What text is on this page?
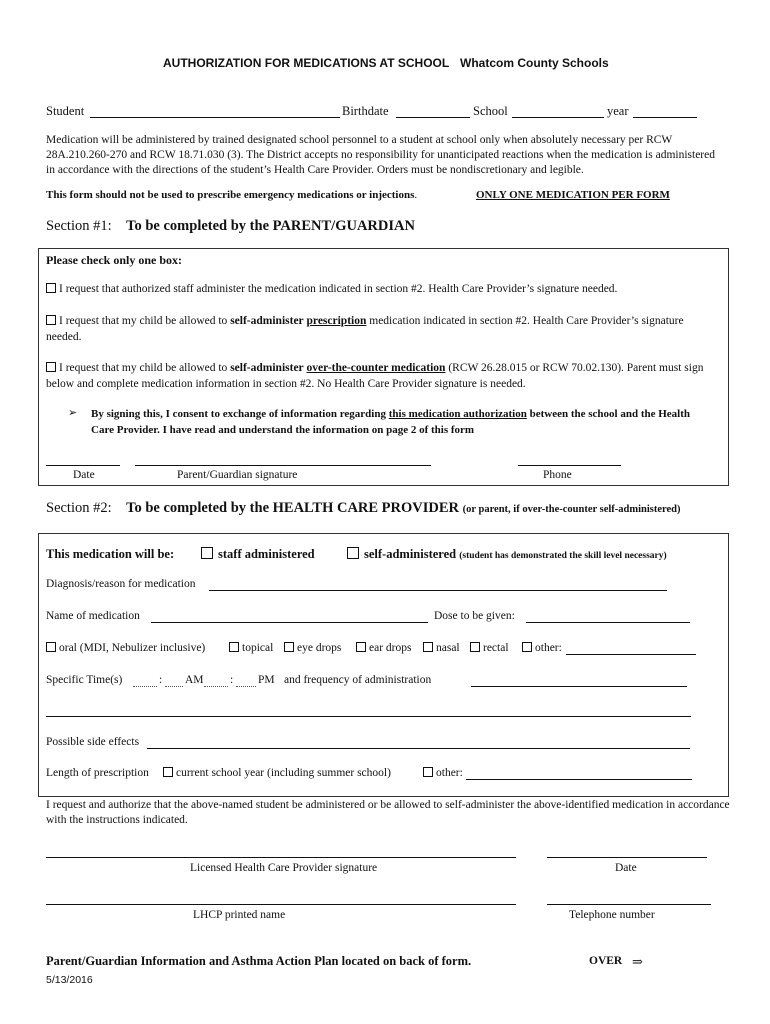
AUTHORIZATION FOR MEDICATIONS AT SCHOOL Whatcom County Schools
Student	Birthdate	School	year
Medication will be administered by trained designated school personnel to a student at school only when absolutely necessary per RCW 28A.210.260-270 and RCW 18.71.030 (3). The District accepts no responsibility for unanticipated reactions when the medication is administered in accordance with the directions of the student’s Health Care Provider. Orders must be nondiscretionary and legible.
This form should not be used to prescribe emergency medications or injections.	ONLY ONE MEDICATION PER FORM
Section #1: To be completed by the PARENT/GUARDIAN
Please check only one box:
I request that authorized staff administer the medication indicated in section #2. Health Care Provider’s signature needed.
I request that my child be allowed to self-administer prescription medication indicated in section #2. Health Care Provider’s signature needed.
I request that my child be allowed to self-administer over-the-counter medication (RCW 26.28.015 or RCW 70.02.130). Parent must sign below and complete medication information in section #2. No Health Care Provider signature is needed.
➢ By signing this, I consent to exchange of information regarding this medication authorization between the school and the Health Care Provider. I have read and understand the information on page 2 of this form
Date	Parent/Guardian signature	Phone
Section #2: To be completed by the HEALTH CARE PROVIDER (or parent, if over-the-counter self-administered)
This medication will be:	staff administered	self-administered (student has demonstrated the skill level necessary)
Diagnosis/reason for medication
Name of medication	Dose to be given:
oral (MDI, Nebulizer inclusive)	topical	eye drops	ear drops	nasal	rectal	other:
Specific Time(s)	: AM : PM and frequency of administration
Possible side effects
Length of prescription	current school year (including summer school)	other:
I request and authorize that the above-named student be administered or be allowed to self-administer the above-identified medication in accordance with the instructions indicated.
Licensed Health Care Provider signature	Date
LHCP printed name	Telephone number
Parent/Guardian Information and Asthma Action Plan located on back of form.	OVER ⇒
5/13/2016
